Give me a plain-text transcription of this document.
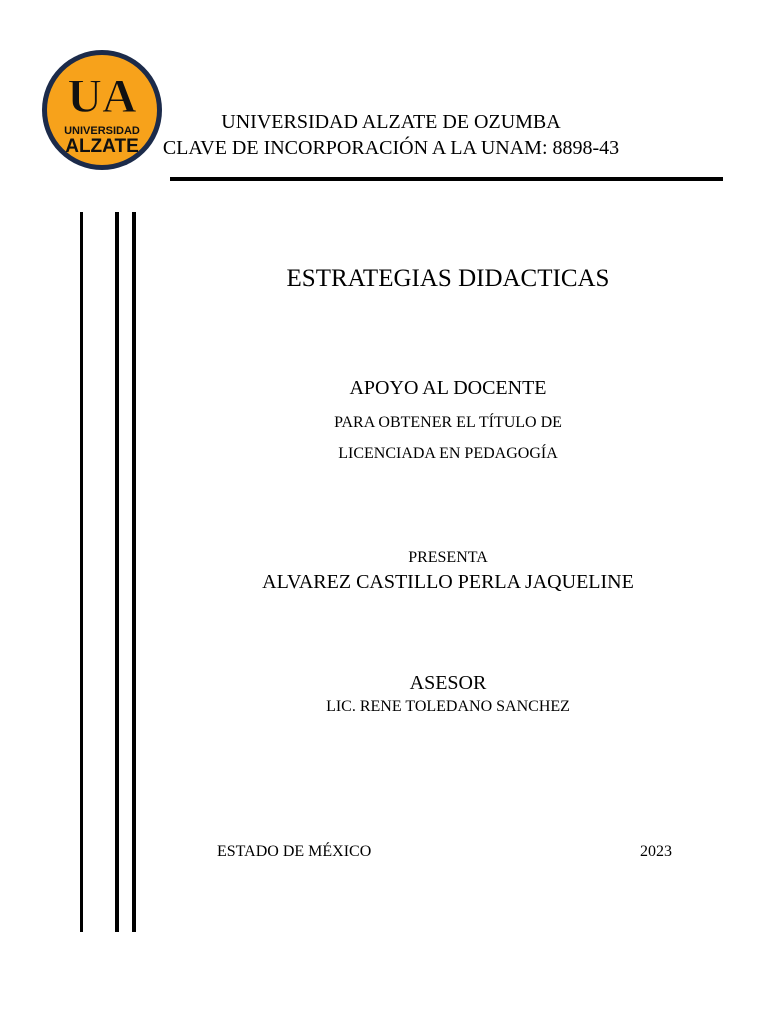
UA
UNIVERSIDAD
ALZATE
UNIVERSIDAD ALZATE DE OZUMBA
CLAVE DE INCORPORACIÓN A LA UNAM: 8898-43
ESTRATEGIAS DIDACTICAS
APOYO AL DOCENTE
PARA OBTENER EL TÍTULO DE
LICENCIADA EN PEDAGOGÍA
PRESENTA
ALVAREZ CASTILLO PERLA JAQUELINE
ASESOR
LIC. RENE TOLEDANO SANCHEZ
ESTADO DE MÉXICO	2023
